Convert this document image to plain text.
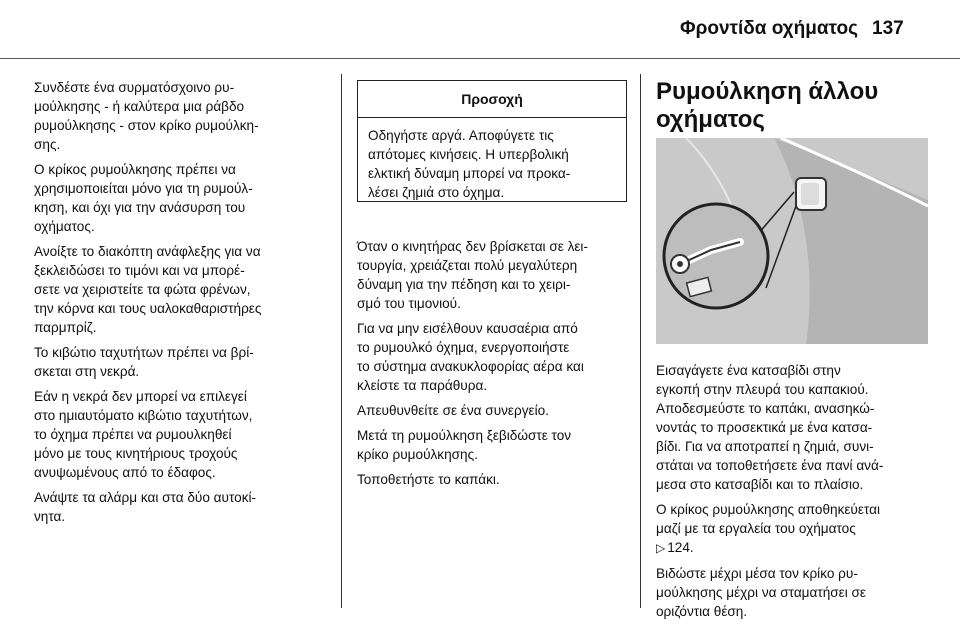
Φροντίδα οχήματος 137

Συνδέστε ένα συρματόσχοινο ρυ-
μούλκησης - ή καλύτερα μια ράβδο
ρυμούλκησης - στον κρίκο ρυμούλκη-
σης.

Ο κρίκος ρυμούλκησης πρέπει να
χρησιμοποιείται μόνο για τη ρυμούλ-
κηση, και όχι για την ανάσυρση του
οχήματος.

Ανοίξτε το διακόπτη ανάφλεξης για να
ξεκλειδώσει το τιμόνι και να μπορέ-
σετε να χειριστείτε τα φώτα φρένων,
την κόρνα και τους υαλοκαθαριστήρες
παρμπρίζ.

Το κιβώτιο ταχυτήτων πρέπει να βρί-
σκεται στη νεκρά.

Εάν η νεκρά δεν μπορεί να επιλεγεί
στο ημιαυτόματο κιβώτιο ταχυτήτων,
το όχημα πρέπει να ρυμουλκηθεί
μόνο με τους κινητήριους τροχούς
ανυψωμένους από το έδαφος.

Ανάψτε τα αλάρμ και στα δύο αυτοκί-
νητα.

Προσοχή
Οδηγήστε αργά. Αποφύγετε τις
απότομες κινήσεις. Η υπερβολική
ελκτική δύναμη μπορεί να προκα-
λέσει ζημιά στο όχημα.

Όταν ο κινητήρας δεν βρίσκεται σε λει-
τουργία, χρειάζεται πολύ μεγαλύτερη
δύναμη για την πέδηση και το χειρι-
σμό του τιμονιού.

Για να μην εισέλθουν καυσαέρια από
το ρυμουλκό όχημα, ενεργοποιήστε
το σύστημα ανακυκλοφορίας αέρα και
κλείστε τα παράθυρα.

Απευθυνθείτε σε ένα συνεργείο.

Μετά τη ρυμούλκηση ξεβιδώστε τον
κρίκο ρυμούλκησης.

Τοποθετήστε το καπάκι.

Ρυμούλκηση άλλου
οχήματος

Εισαγάγετε ένα κατσαβίδι στην
εγκοπή στην πλευρά του καπακιού.
Αποδεσμεύστε το καπάκι, ανασηκώ-
νοντάς το προσεκτικά με ένα κατσα-
βίδι. Για να αποτραπεί η ζημιά, συνι-
στάται να τοποθετήσετε ένα πανί ανά-
μεσα στο κατσαβίδι και το πλαίσιο.

Ο κρίκος ρυμούλκησης αποθηκεύεται
μαζί με τα εργαλεία του οχήματος
▷ 124.

Βιδώστε μέχρι μέσα τον κρίκο ρυ-
μούλκησης μέχρι να σταματήσει σε
οριζόντια θέση.
